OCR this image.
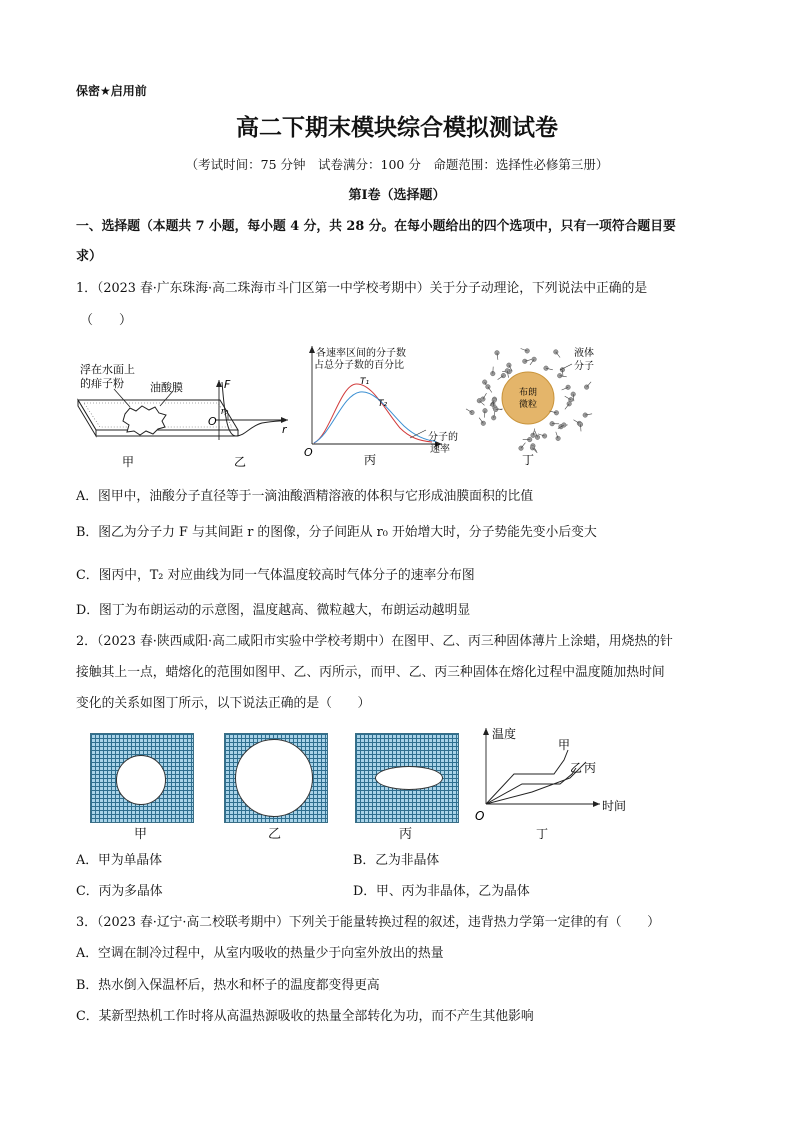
保密★启用前
高二下期末模块综合模拟测试卷
（考试时间：75 分钟　试卷满分：100 分　命题范围：选择性必修第三册）
第Ⅰ卷（选择题）
一、选择题（本题共 7 小题，每小题 4 分，共 28 分。在每小题给出的四个选项中，只有一项符合题目要
求）
1．（2023 春·广东珠海·高二珠海市斗门区第一中学校考期中）关于分子动理论，下列说法中正确的是
（　　）
浮在水面上
的痱子粉 油酸膜
甲
F
r
O
r₀
乙
各速率区间的分子数
占总分子数的百分比
T₁
T₂
分子的
速率
O
丙
布朗
微粒
液体
分子
丁
A．图甲中，油酸分子直径等于一滴油酸酒精溶液的体积与它形成油膜面积的比值
B．图乙为分子力 F 与其间距 r 的图像，分子间距从 r₀ 开始增大时，分子势能先变小后变大
C．图丙中，T₂ 对应曲线为同一气体温度较高时气体分子的速率分布图
D．图丁为布朗运动的示意图，温度越高、微粒越大，布朗运动越明显
2．（2023 春·陕西咸阳·高二咸阳市实验中学校考期中）在图甲、乙、丙三种固体薄片上涂蜡，用烧热的针
接触其上一点，蜡熔化的范围如图甲、乙、丙所示，而甲、乙、丙三种固体在熔化过程中温度随加热时间
变化的关系如图丁所示，以下说法正确的是（　　）
甲	乙	丙
温度
时间
O
甲
乙 丙
丁
A．甲为单晶体	B．乙为非晶体
C．丙为多晶体	D．甲、丙为非晶体，乙为晶体
3．（2023 春·辽宁·高二校联考期中）下列关于能量转换过程的叙述，违背热力学第一定律的有（　　）
A．空调在制冷过程中，从室内吸收的热量少于向室外放出的热量
B．热水倒入保温杯后，热水和杯子的温度都变得更高
C．某新型热机工作时将从高温热源吸收的热量全部转化为功，而不产生其他影响
